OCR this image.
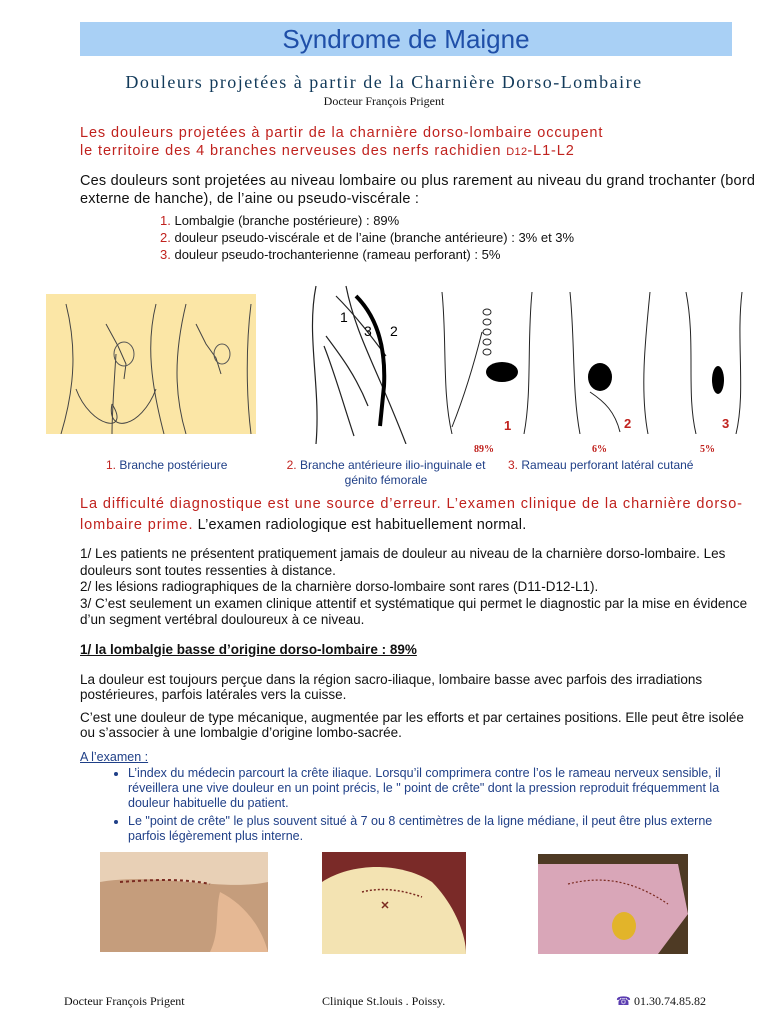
Syndrome de Maigne
Douleurs projetées à partir de la Charnière Dorso-Lombaire
Docteur François Prigent
Les douleurs projetées à partir de la charnière dorso-lombaire occupent
le territoire des 4 branches nerveuses des nerfs rachidien D12-L1-L2
Ces douleurs sont projetées au niveau lombaire ou plus rarement au niveau du grand trochanter (bord externe de hanche), de l’aine ou pseudo-viscérale :
1. Lombalgie (branche postérieure) : 89%
2. douleur pseudo-viscérale et de l’aine (branche antérieure) : 3% et 3%
3. douleur pseudo-trochanterienne (rameau perforant) : 5%
1
3 2
1	2	3
89%	6%	5%
1. Branche postérieure	2. Branche antérieure ilio-inguinale et génito fémorale
3. Rameau perforant latéral cutané
La difficulté diagnostique est une source d’erreur. L’examen clinique de la charnière dorso-lombaire prime. L’examen radiologique est habituellement normal.
1/ Les patients ne présentent pratiquement jamais de douleur au niveau de la charnière dorso-lombaire. Les douleurs sont toutes ressenties à distance.
2/ les lésions radiographiques de la charnière dorso-lombaire sont rares (D11-D12-L1).
3/ C’est seulement un examen clinique attentif et systématique qui permet le diagnostic par la mise en évidence d’un segment vertébral douloureux à ce niveau.
1/ la lombalgie basse d’origine dorso-lombaire : 89%
La douleur est toujours perçue dans la région sacro-iliaque, lombaire basse avec parfois des irradiations postérieures, parfois latérales vers la cuisse.
C’est une douleur de type mécanique, augmentée par les efforts et par certaines positions. Elle peut être isolée ou s’associer à une lombalgie d’origine lombo-sacrée.
A l’examen :
• L’index du médecin parcourt la crête iliaque. Lorsqu’il comprimera contre l’os le rameau nerveux sensible, il réveillera une vive douleur en un point précis, le " point de crête" dont la pression reproduit fréquemment la douleur habituelle du patient.
• Le "point de crête" le plus souvent situé à 7 ou 8 centimètres de la ligne médiane, il peut être plus externe parfois légèrement plus interne.
Docteur François Prigent	Clinique St.louis . Poissy.	☎ 01.30.74.85.82
